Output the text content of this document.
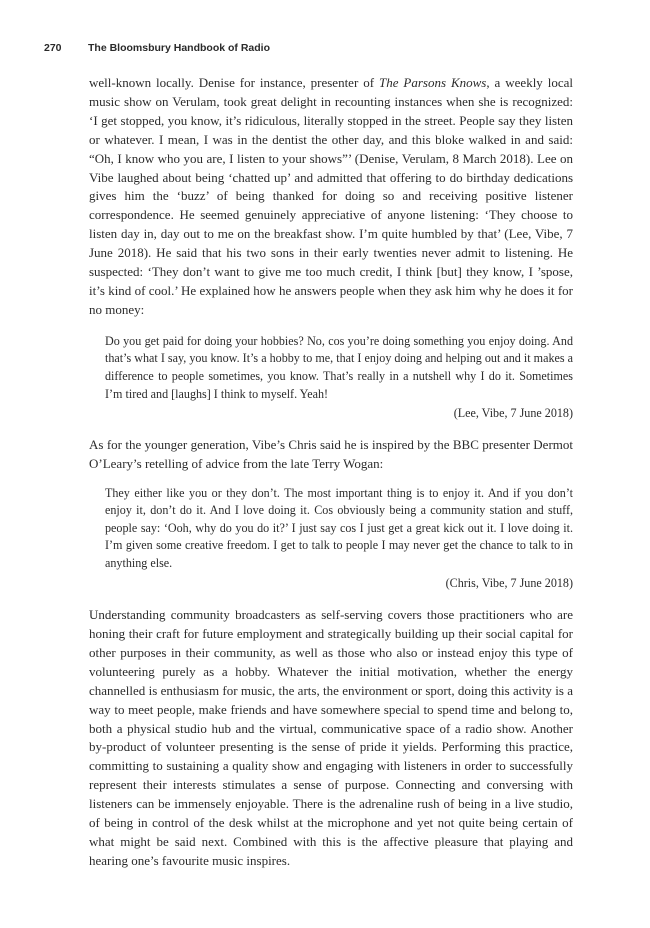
270	The Bloomsbury Handbook of Radio

well-known locally. Denise for instance, presenter of The Parsons Knows, a weekly local music show on Verulam, took great delight in recounting instances when she is recognized: ‘I get stopped, you know, it’s ridiculous, literally stopped in the street. People say they listen or whatever. I mean, I was in the dentist the other day, and this bloke walked in and said: “Oh, I know who you are, I listen to your shows”’ (Denise, Verulam, 8 March 2018). Lee on Vibe laughed about being ‘chatted up’ and admitted that offering to do birthday dedications gives him the ‘buzz’ of being thanked for doing so and receiving positive listener correspondence. He seemed genuinely appreciative of anyone listening: ‘They choose to listen day in, day out to me on the breakfast show. I’m quite humbled by that’ (Lee, Vibe, 7 June 2018). He said that his two sons in their early twenties never admit to listening. He suspected: ‘They don’t want to give me too much credit, I think [but] they know, I ’spose, it’s kind of cool.’ He explained how he answers people when they ask him why he does it for no money:

Do you get paid for doing your hobbies? No, cos you’re doing something you enjoy doing. And that’s what I say, you know. It’s a hobby to me, that I enjoy doing and helping out and it makes a difference to people sometimes, you know. That’s really in a nutshell why I do it. Sometimes I’m tired and [laughs] I think to myself. Yeah!

(Lee, Vibe, 7 June 2018)

As for the younger generation, Vibe’s Chris said he is inspired by the BBC presenter Dermot O’Leary’s retelling of advice from the late Terry Wogan:

They either like you or they don’t. The most important thing is to enjoy it. And if you don’t enjoy it, don’t do it. And I love doing it. Cos obviously being a community station and stuff, people say: ‘Ooh, why do you do it?’ I just say cos I just get a great kick out it. I love doing it. I’m given some creative freedom. I get to talk to people I may never get the chance to talk to in anything else.

(Chris, Vibe, 7 June 2018)

Understanding community broadcasters as self-serving covers those practitioners who are honing their craft for future employment and strategically building up their social capital for other purposes in their community, as well as those who also or instead enjoy this type of volunteering purely as a hobby. Whatever the initial motivation, whether the energy channelled is enthusiasm for music, the arts, the environment or sport, doing this activity is a way to meet people, make friends and have somewhere special to spend time and belong to, both a physical studio hub and the virtual, communicative space of a radio show. Another by-product of volunteer presenting is the sense of pride it yields. Performing this practice, committing to sustaining a quality show and engaging with listeners in order to successfully represent their interests stimulates a sense of purpose. Connecting and conversing with listeners can be immensely enjoyable. There is the adrenaline rush of being in a live studio, of being in control of the desk whilst at the microphone and yet not quite being certain of what might be said next. Combined with this is the affective pleasure that playing and hearing one’s favourite music inspires.
